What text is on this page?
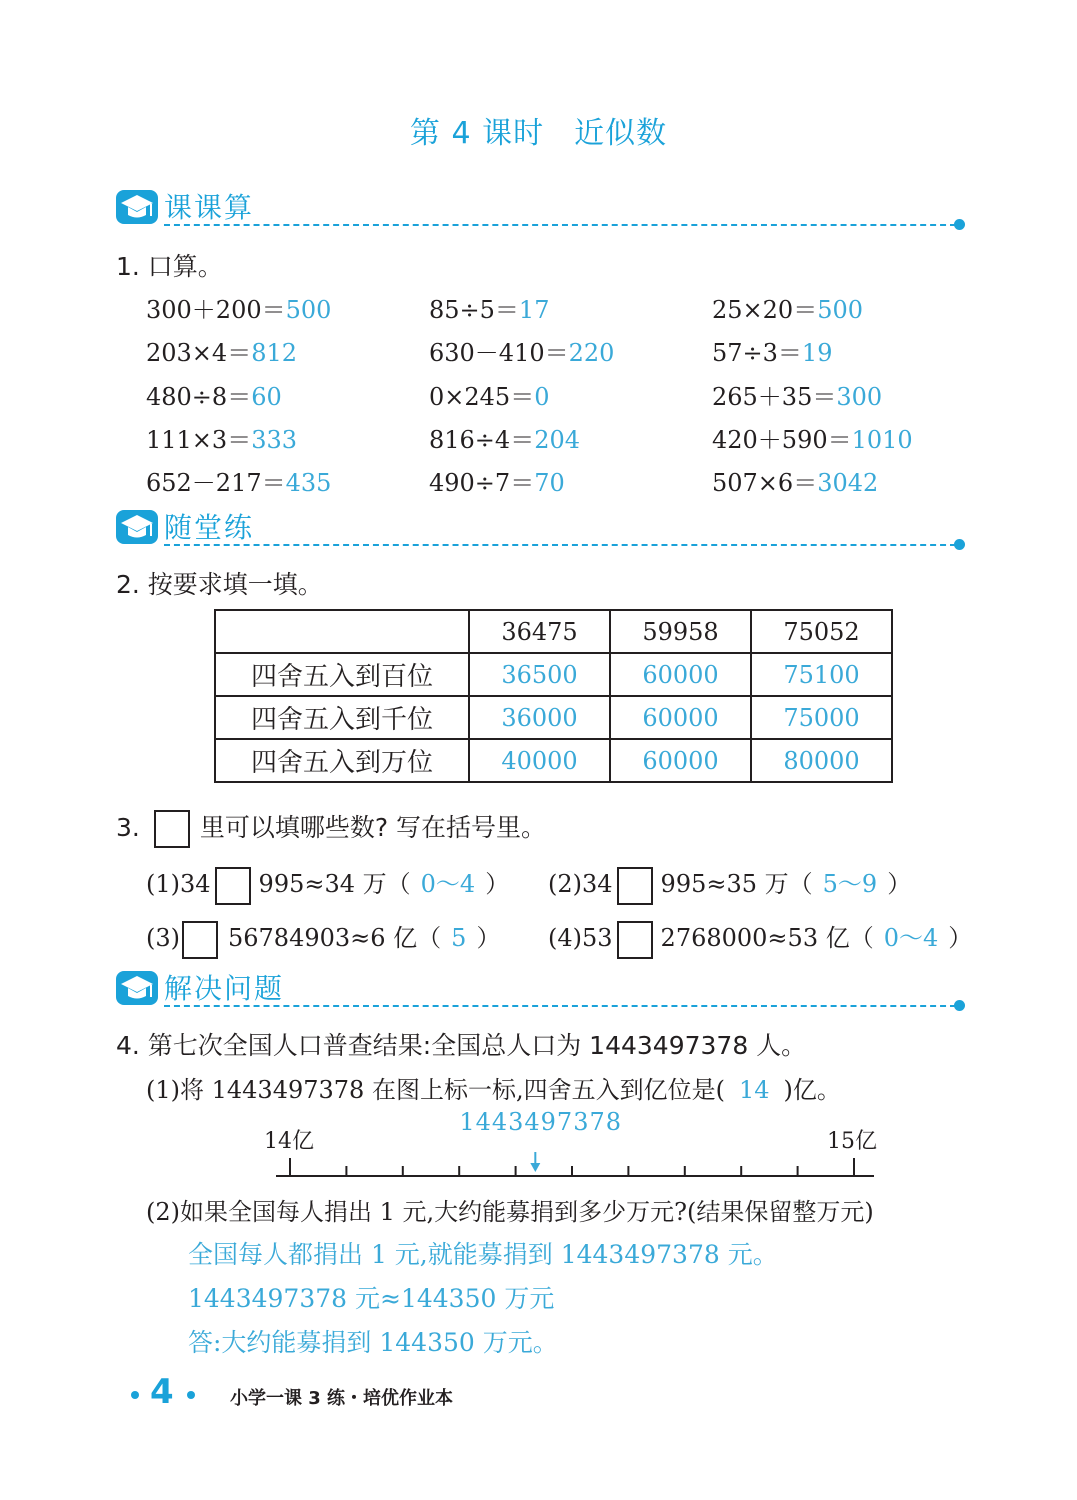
第 4 课时 近似数
课课算
1. 口算。
300＋200＝500	85÷5＝17	25×20＝500
203×4＝812	630－410＝220	57÷3＝19
480÷8＝60	0×245＝0	265＋35＝300
111×3＝333	816÷4＝204	420＋590＝1010
652－217＝435	490÷7＝70	507×6＝3042
随堂练
2. 按要求填一填。
	36475	59958	75052
四舍五入到百位	36500	60000	75100
四舍五入到千位	36000	60000	75000
四舍五入到万位	40000	60000	80000
3. 里可以填哪些数? 写在括号里。
(1)34 995≈34 万（ 0～4 ） (2)34 995≈35 万（ 5～9 ）
(3) 56784903≈6 亿（ 5 ） (4)53 2768000≈53 亿（ 0～4 ）
解决问题
4. 第七次全国人口普查结果:全国总人口为 1443497378 人。
(1)将 1443497378 在图上标一标,四舍五入到亿位是( 14 )亿。
14亿	15亿
1443497378
(2)如果全国每人捐出 1 元,大约能募捐到多少万元?(结果保留整万元)
全国每人都捐出 1 元,就能募捐到 1443497378 元。
1443497378 元≈144350 万元
答:大约能募捐到 144350 万元。
4	小学一课 3 练・培优作业本
